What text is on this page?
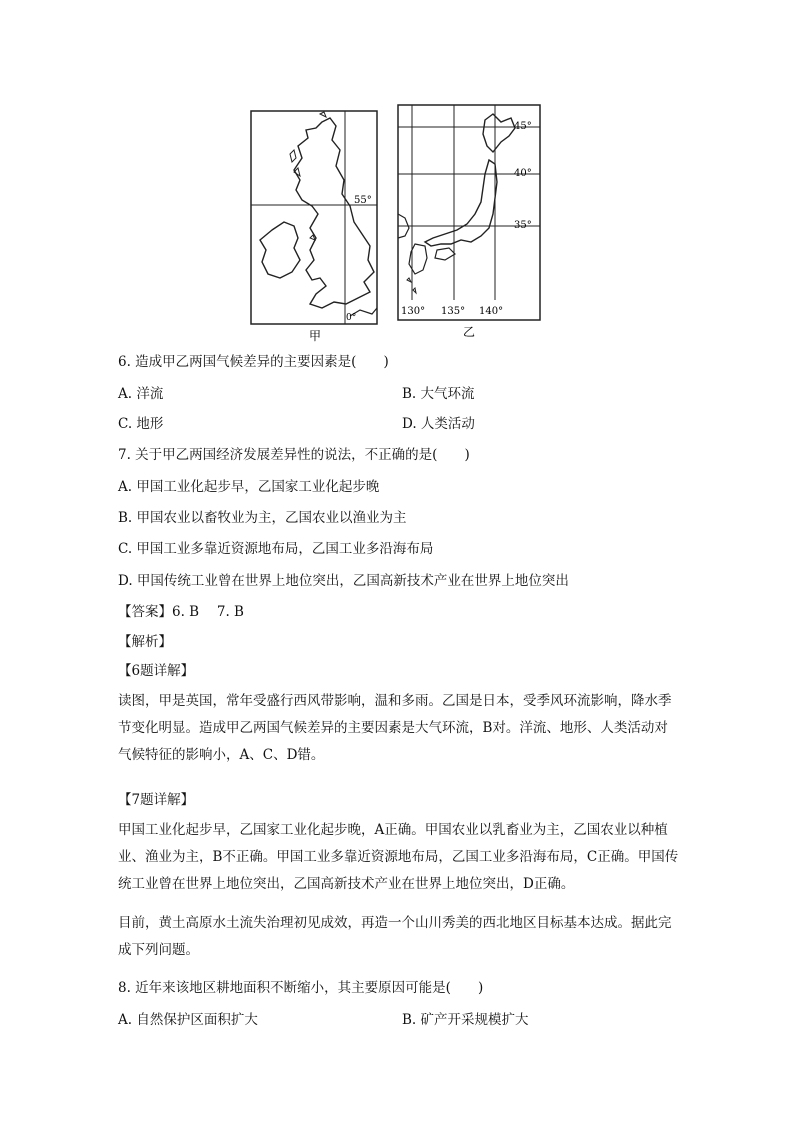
55°
0°
甲
45°
40°
35°
130° 135° 140°
乙
6. 造成甲乙两国气候差异的主要因素是(　　)
A. 洋流	B. 大气环流
C. 地形	D. 人类活动
7. 关于甲乙两国经济发展差异性的说法，不正确的是(　　)
A. 甲国工业化起步早，乙国家工业化起步晚
B. 甲国农业以畜牧业为主，乙国农业以渔业为主
C. 甲国工业多靠近资源地布局，乙国工业多沿海布局
D. 甲国传统工业曾在世界上地位突出，乙国高新技术产业在世界上地位突出
【答案】6. B　 7. B
【解析】
【6题详解】
读图，甲是英国，常年受盛行西风带影响，温和多雨。乙国是日本，受季风环流影响，降水季节变化明显。造成甲乙两国气候差异的主要因素是大气环流，B对。洋流、地形、人类活动对气候特征的影响小，A、C、D错。
【7题详解】
甲国工业化起步早，乙国家工业化起步晚，A正确。甲国农业以乳畜业为主，乙国农业以种植业、渔业为主，B不正确。甲国工业多靠近资源地布局，乙国工业多沿海布局，C正确。甲国传统工业曾在世界上地位突出，乙国高新技术产业在世界上地位突出，D正确。
目前，黄土高原水土流失治理初见成效，再造一个山川秀美的西北地区目标基本达成。据此完成下列问题。
8. 近年来该地区耕地面积不断缩小，其主要原因可能是(　　)
A. 自然保护区面积扩大	B. 矿产开采规模扩大
